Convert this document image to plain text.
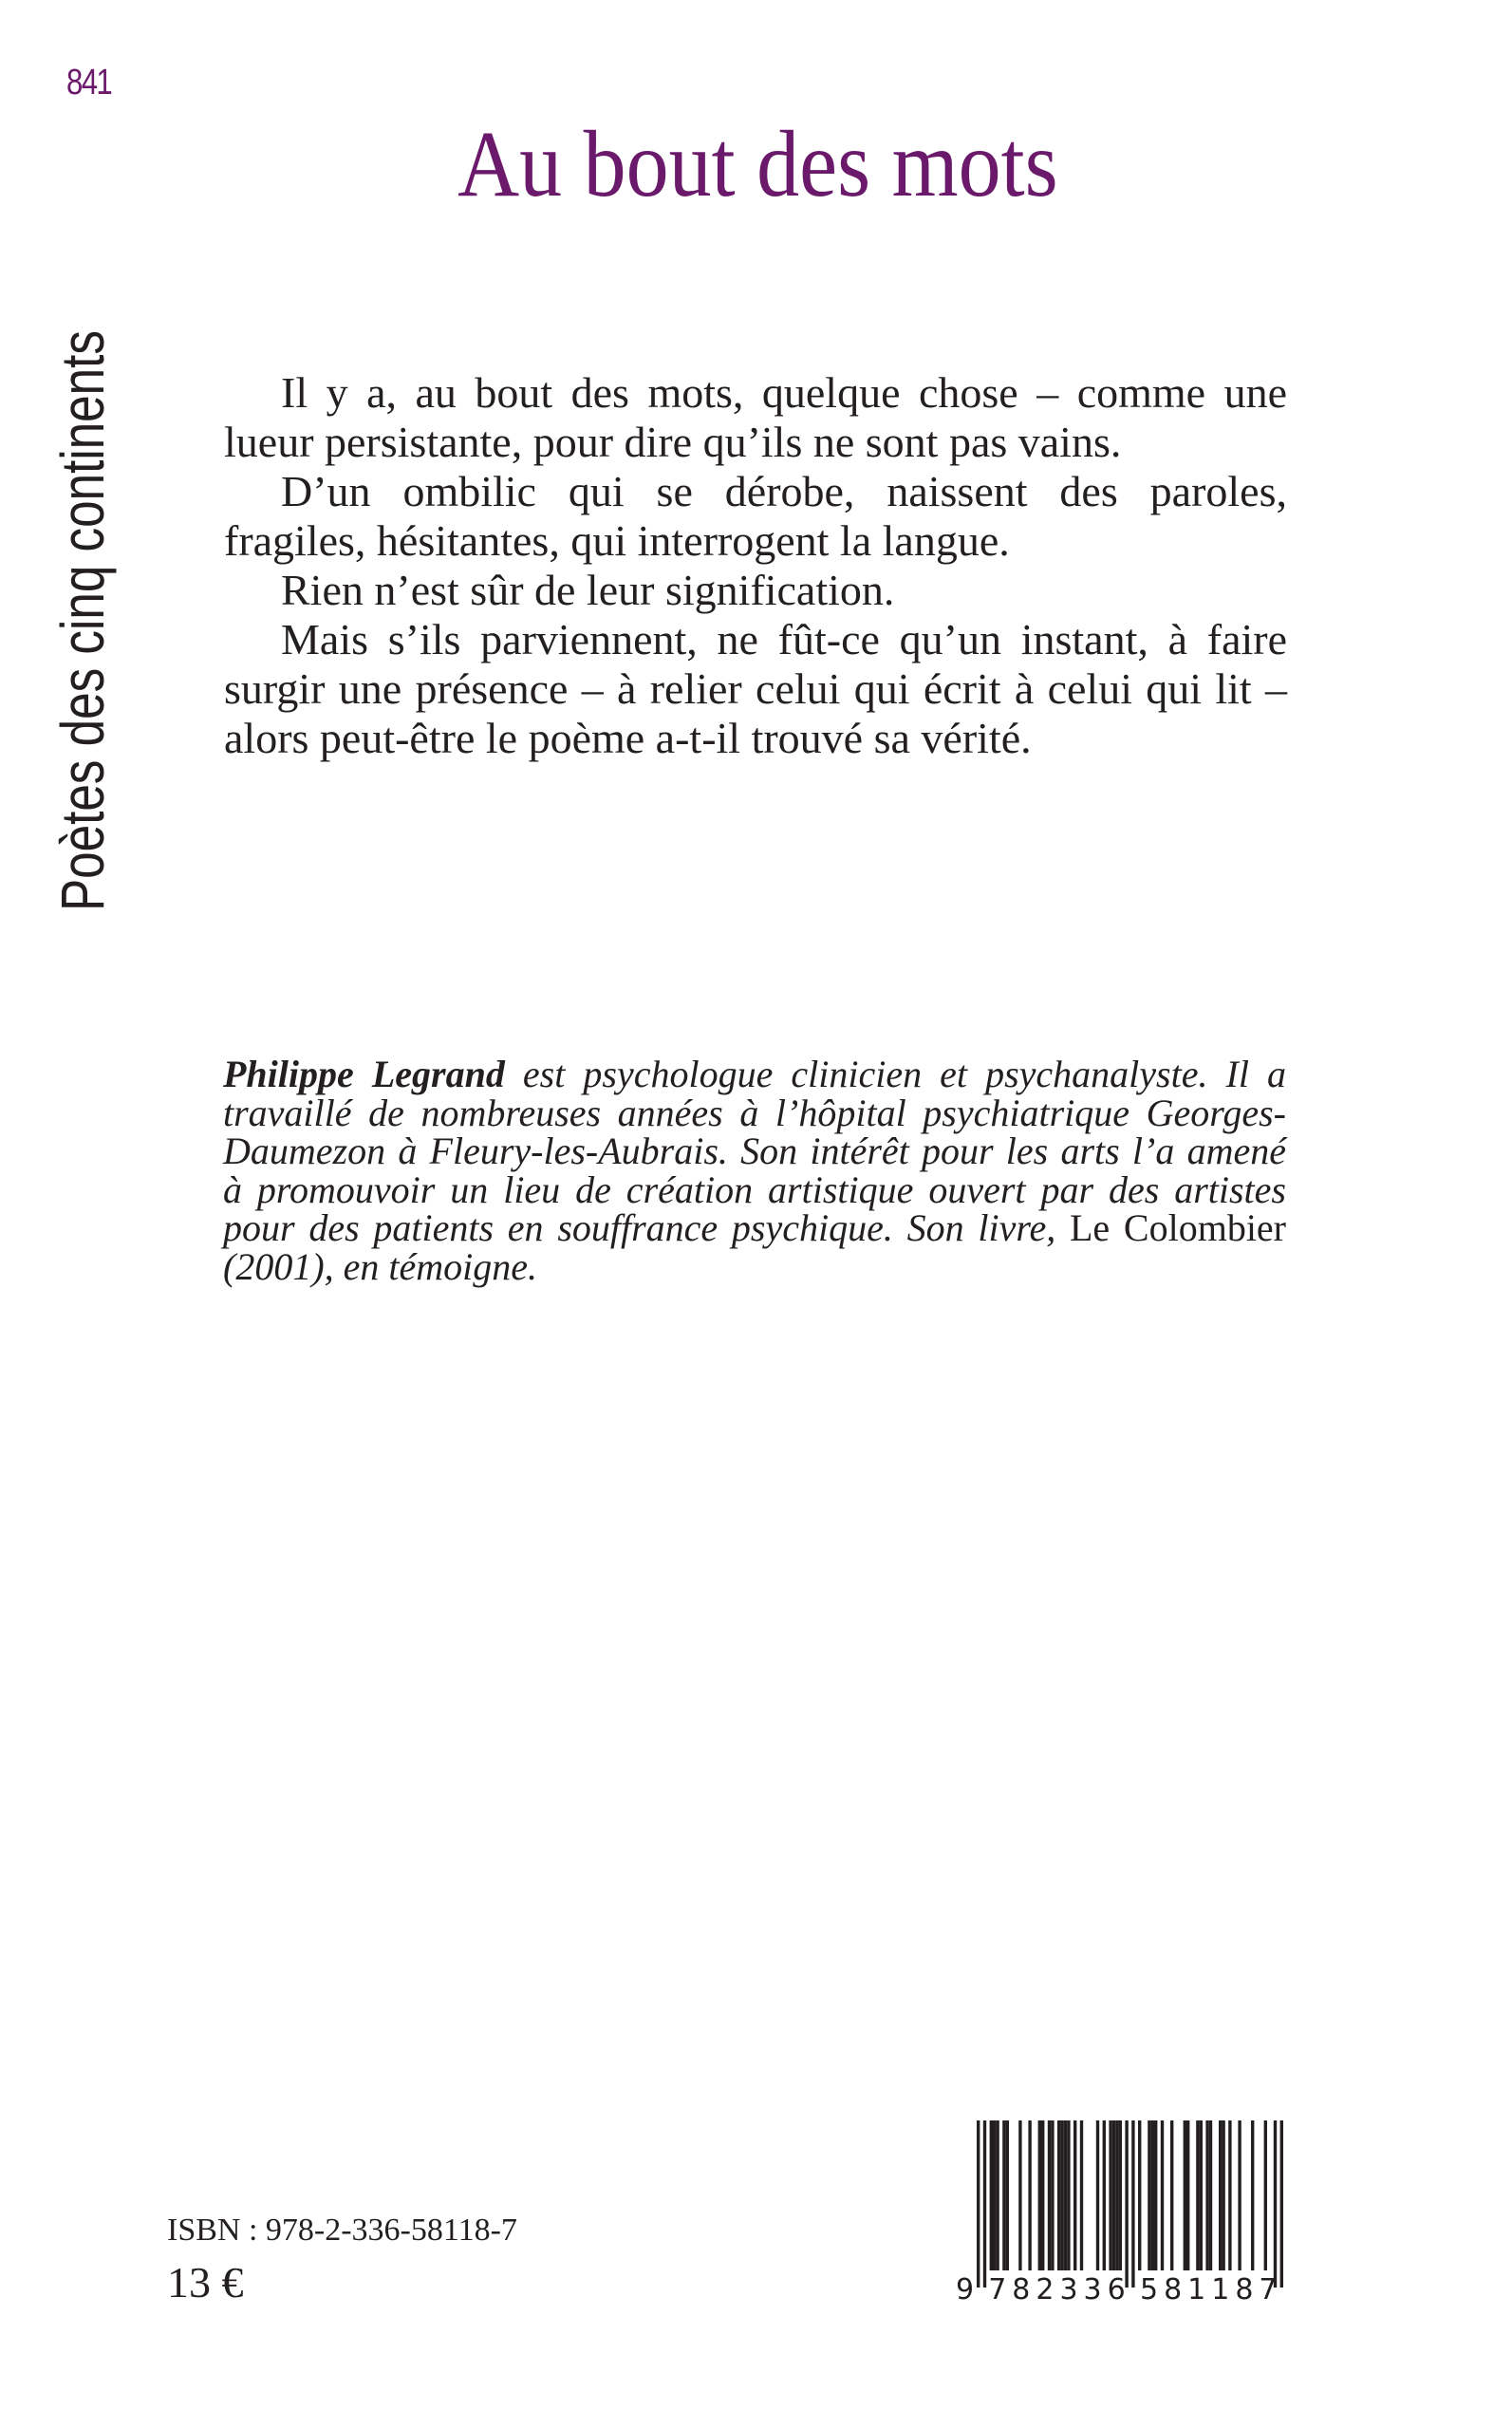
841
Poètes des cinq continents
Au bout des mots

Il y a, au bout des mots, quelque chose – comme une lueur persistante, pour dire qu’ils ne sont pas vains.

D’un ombilic qui se dérobe, naissent des paroles, fragiles, hésitantes, qui interrogent la langue.

Rien n’est sûr de leur signification.

Mais s’ils parviennent, ne fût-ce qu’un instant, à faire surgir une présence – à relier celui qui écrit à celui qui lit – alors peut-être le poème a-t-il trouvé sa vérité.

Philippe Legrand est psychologue clinicien et psychanalyste. Il a travaillé de nombreuses années à l’hôpital psychiatrique Georges-Daumezon à Fleury-les-Aubrais. Son intérêt pour les arts l’a amené à promouvoir un lieu de création artistique ouvert par des artistes pour des patients en souffrance psychique. Son livre, Le Colombier (2001), en témoigne.
ISBN : 978-2-336-58118-7
13 €	9 782336 581187
